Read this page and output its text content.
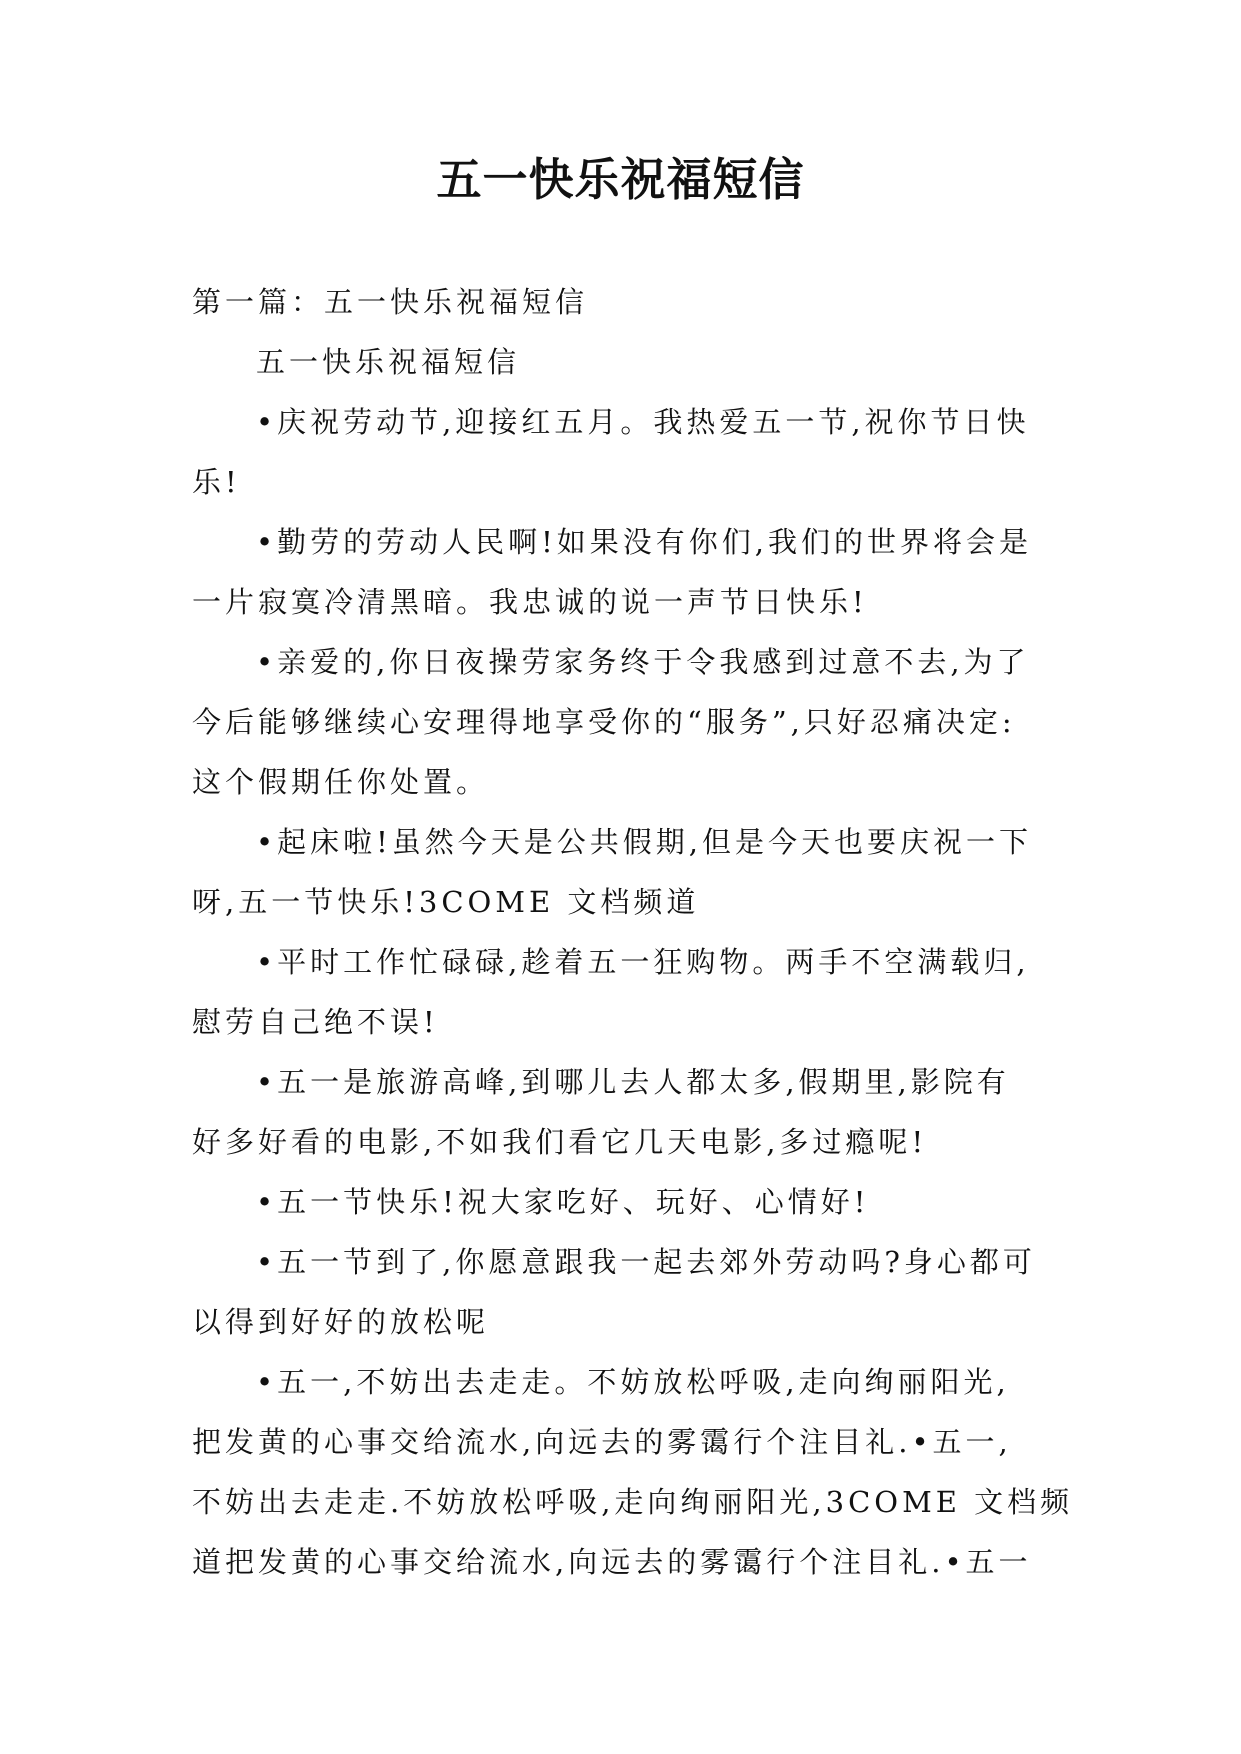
五一快乐祝福短信
第一篇：五一快乐祝福短信
五一快乐祝福短信
•庆祝劳动节,迎接红五月。我热爱五一节,祝你节日快
乐!
•勤劳的劳动人民啊!如果没有你们,我们的世界将会是
一片寂寞冷清黑暗。我忠诚的说一声节日快乐!
•亲爱的,你日夜操劳家务终于令我感到过意不去,为了
今后能够继续心安理得地享受你的“服务”,只好忍痛决定:
这个假期任你处置。
•起床啦!虽然今天是公共假期,但是今天也要庆祝一下
呀,五一节快乐!3COME 文档频道
•平时工作忙碌碌,趁着五一狂购物。两手不空满载归,
慰劳自己绝不误!
•五一是旅游高峰,到哪儿去人都太多,假期里,影院有
好多好看的电影,不如我们看它几天电影,多过瘾呢!
•五一节快乐!祝大家吃好、玩好、心情好!
•五一节到了,你愿意跟我一起去郊外劳动吗?身心都可
以得到好好的放松呢
•五一,不妨出去走走。不妨放松呼吸,走向绚丽阳光,
把发黄的心事交给流水,向远去的雾霭行个注目礼.•五一,
不妨出去走走.不妨放松呼吸,走向绚丽阳光,3COME 文档频
道把发黄的心事交给流水,向远去的雾霭行个注目礼.•五一
